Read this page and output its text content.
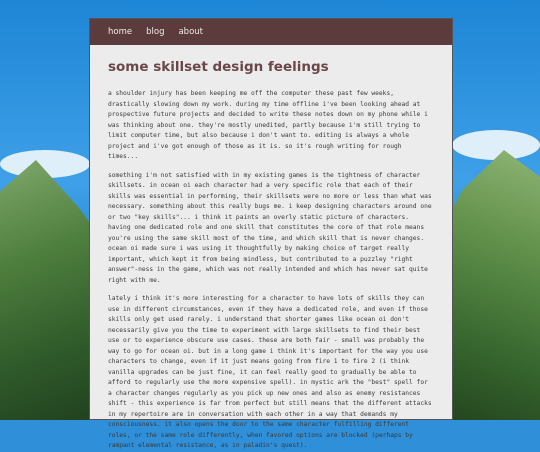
home blog about
some skillset design feelings

a shoulder injury has been keeping me off the computer these past few weeks, drastically slowing down my work. during my time offline i've been looking ahead at prospective future projects and decided to write these notes down on my phone while i was thinking about one. they're mostly unedited, partly because i'm still trying to limit computer time, but also because i don't want to. editing is always a whole project and i've got enough of those as it is. so it's rough writing for rough times...

something i'm not satisfied with in my existing games is the tightness of character skillsets. in ocean oi each character had a very specific role that each of their skills was essential in performing, their skillsets were no more or less than what was necessary. something about this really bugs me. i keep designing characters around one or two "key skills"... i think it paints an overly static picture of characters. having one dedicated role and one skill that constitutes the core of that role means you're using the same skill most of the time, and which skill that is never changes. ocean oi made sure i was using it thoughtfully by making choice of target really important, which kept it from being mindless, but contributed to a puzzley "right answer"-ness in the game, which was not really intended and which has never sat quite right with me.

lately i think it's more interesting for a character to have lots of skills they can use in different circumstances, even if they have a dedicated role, and even if those skills only get used rarely. i understand that shorter games like ocean oi don't necessarily give you the time to experiment with large skillsets to find their best use or to experience obscure use cases. these are both fair - small was probably the way to go for ocean oi. but in a long game i think it's important for the way you use characters to change, even if it just means going from fire 1 to fire 2 (i think vanilla upgrades can be just fine, it can feel really good to gradually be able to afford to regularly use the more expensive spell). in mystic ark the "best" spell for a character changes regularly as you pick up new ones and also as enemy resistances shift - this experience is far from perfect but still means that the different attacks in my repertoire are in conversation with each other in a way that demands my consciousness. it also opens the door to the same character fulfilling different roles, or the same role differently, when favored options are blocked (perhaps by rampant elemental resistance, as in paladin's quest).
